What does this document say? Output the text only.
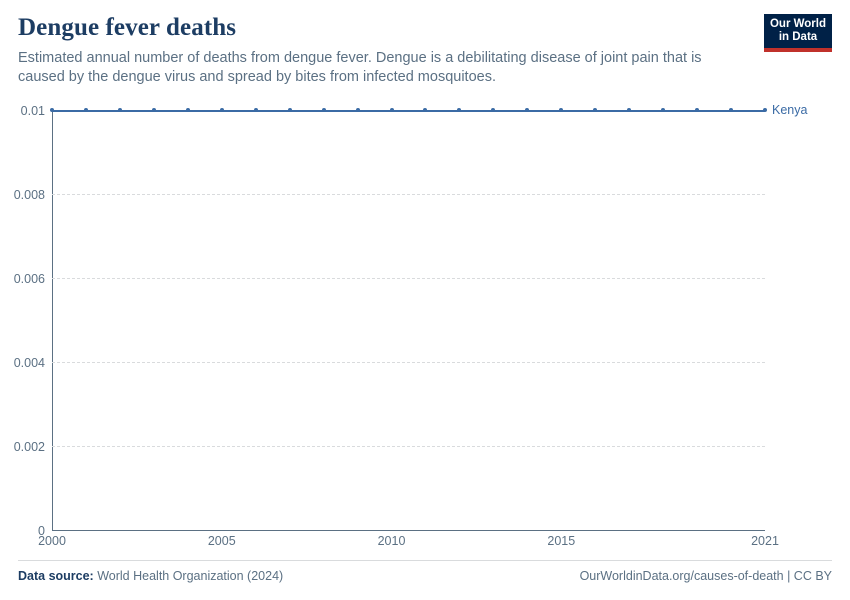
Our World
in Data
Dengue fever deaths

Estimated annual number of deaths from dengue fever. Dengue is a debilitating disease of joint pain that is caused by the dengue virus and spread by bites from infected mosquitoes.

0
0.002
0.004
0.006
0.008
0.01	Kenya
2000	2005	2010	2015	2021
Data source: World Health Organization (2024)	OurWorldinData.org/causes-of-death | CC BY
